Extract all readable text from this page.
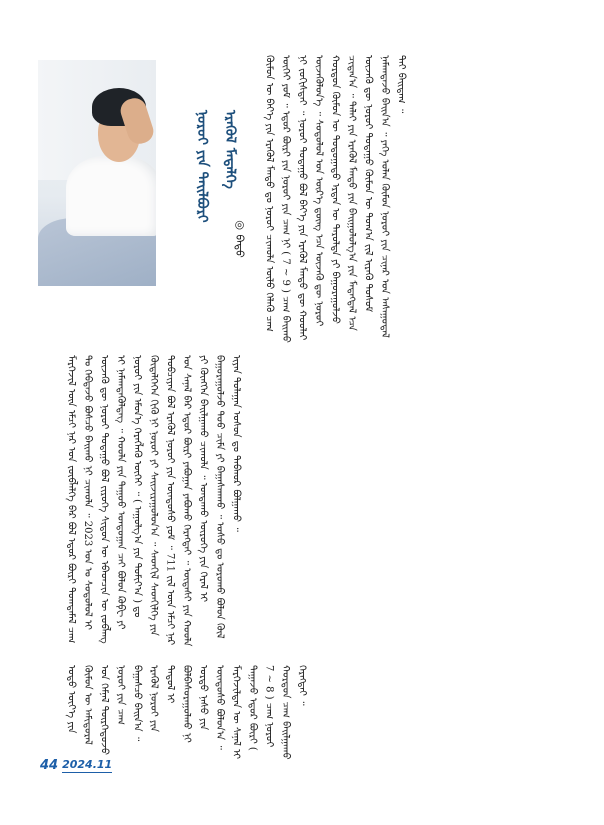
ᠨᠣᠷᠤᠢ ᠶᠢᠨ ᠲᠠᠢᠯᠪᠤᠷᠢ ᠡᠷᠡᠭᠦᠯ ᠮᠡᠳᠡᠯᠭᠡ	ᠬᠦᠮᠦᠨ ᠦ ᠪᠡᠶ᠎ᠡ ᠶᠢᠨ ᠡᠷᠡᠭᠦᠯ ᠮᠡᠨᠳᠦ ᠳᠤ ᠨᠣᠷᠤᠢ ᠴᠢᠬᠤᠯᠠ ᠦᠯᠦ ᠬᠡᠯᠡᠬᠦ ᠴᠠᠭ ᠦᠭᠡᠢ ᠶᠤᠮ ᠃ ᠡᠳᠦᠷ ᠪᠦᠷᠢ ᠶᠢᠨ ᠨᠣᠷᠤᠢ ᠶᠢᠨ ᠴᠠᠭ ᠨᠢ ( 7 ~ 9 ) ᠴᠠᠭ ᠪᠠᠢᠬᠤ ᠨᠢ ᠵᠣᠬᠢᠰᠲᠠᠢ ᠃ ᠨᠣᠷᠤᠢ ᠳᠤᠲᠠᠭᠤ ᠪᠣᠯ ᠪᠡᠶ᠎ᠡ ᠶᠢᠨ ᠡᠷᠡᠭᠦᠯ ᠮᠡᠨᠳᠦ ᠳᠦ ᠬᠣᠣᠯᠠᠢ ᠦᠵᠡᠭᠦᠯᠦᠨ᠎ᠡ ᠃ ᠰᠤᠳᠤᠯᠤᠯ ᠤᠨ ᠦᠷ᠎ᠡ ᠳ᠋ᠦᠩ ᠡᠴᠡ ᠦᠵᠡᠬᠦ ᠳᠦ ᠨᠣᠷᠤᠢ ᠬᠤᠷᠳᠤᠨ ᠬᠦᠮᠦᠨ ᠦ ᠳᠣᠲᠣᠭᠠᠳᠤ ᠡᠷᠲᠡᠨ ᠦ ᠳᠠᠷᠤᠯᠲᠠ ᠶᠢ ᠪᠠᠭᠤᠷᠠᠭᠤᠯᠵᠤ ᠴᠢᠳᠠᠨ᠎ᠠ ᠃ ᠳᠠᠯᠠᠢ ᠶᠢᠨ ᠡᠷᠡᠭᠦᠯ ᠮᠡᠨᠳᠦ ᠶᠢᠨ ᠪᠠᠢᠭᠤᠯᠤᠯᠭ᠎ᠠ ᠶᠢᠨ ᠮᠡᠳᠡᠭᠳᠡᠯ ᠡᠴᠡ ᠦᠵᠡᠬᠦ ᠳᠦ ᠨᠣᠷᠤᠢ ᠳᠤᠲᠠᠭᠤ ᠬᠦᠮᠦᠨ ᠦ ᠲᠣᠭ᠎ᠠ ᠵᠢᠯ ᠢᠷᠡᠬᠦ ᠲᠤᠰᠤᠮ ᠨᠡᠮᠡᠭ᠍ᠳᠡᠵᠦ ᠪᠠᠢᠨ᠎ᠠ ᠃ ᠶᠡᠬᠡ ᠣᠯᠠᠨ ᠬᠦᠮᠦᠨ ᠨᠣᠷᠤᠢ ᠶᠢᠨ ᠴᠢᠨᠠᠷ ᠤᠨ ᠠᠰᠠᠭᠤᠳᠠᠯ ᠲᠠᠢ ᠪᠠᠢᠳᠠᠭ ᠃
ᠮᠡᠷᠭᠡᠵᠢᠯ ᠦᠨ ᠡᠮᠴᠢ ᠨᠠᠷ ᠤᠨ ᠵᠥᠪᠯᠡᠯᠭᠡ ᠪᠡᠷ ᠪᠣᠯ ᠡᠳᠦᠷ ᠪᠦᠷᠢ ᠲᠣᠭᠲᠠᠮᠠᠯ ᠴᠠᠭ ᠲᠤ ᠬᠡᠪᠲᠡᠵᠦ ᠪᠣᠰᠴᠤ ᠪᠠᠢᠬᠤ ᠨᠢ ᠴᠢᠬᠤᠯᠠ ᠃ 2023 ᠣᠨ ᠤ ᠰᠤᠳᠤᠯᠤᠯ ᠢ ᠦᠵᠡᠬᠦ ᠳᠦ ᠨᠣᠷᠤᠢ ᠳᠤᠲᠠᠭᠤ ᠪᠣᠯ ᠵᠢᠷᠦᠬᠡ ᠰᠢᠳᠦᠨ ᠦ ᠡᠪᠡᠳᠴᠢᠨ ᠦ ᠵᠣᠪᠯᠠᠩ ᠢ ᠨᠡᠮᠡᠭ᠍ᠳᠡᠭᠦᠯᠳᠡᠭ ᠃ ᠬᠣᠣᠯᠠ ᠶᠢᠨ ᠳᠠᠭᠤᠤ ᠤᠨᠳᠤᠭᠠᠨ ᠴᠠᠢ ᠪᠣᠯᠤᠨ ᠺᠣᠹᠸ ᠶᠢ ᠨᠣᠷᠤᠢ ᠶᠢᠨ ᠡᠮᠦᠨ᠎ᠡ ᠬᠡᠷᠡᠭᠯᠡᠬᠦ ᠦᠭᠡᠢ ᠃ ( ᠠᠭᠤᠯᠭ᠎ᠠ ᠶᠢᠨ ᠲᠣᠮᠢᠶ᠎ᠠ ) ᠳᠤ ᠬᠥᠳᠡᠯᠭᠡᠭᠡᠨ ᠬᠢᠬᠦ ᠨᠢ ᠨᠣᠷᠤᠢ ᠶᠢ ᠰᠠᠢᠵᠢᠷᠠᠭᠤᠯᠤᠨ᠎ᠠ ᠃ ᠰᠡᠳᠬᠢᠯ ᠰᠡᠳᠬᠢᠯᠭᠡ ᠶᠢᠨ ᠲᠣᠪᠴᠢᠶᠠᠨ ᠪᠣᠯ ᠡᠷᠡᠭᠦᠯ ᠨᠣᠷᠤᠢ ᠶᠢᠨ ᠦᠨᠳᠦᠰᠦ ᠶᠤᠮ ᠃ 711 ᠵᠢᠯ ᠦᠨ ᠡᠮᠴᠢ ᠨᠠᠷ ᠤᠨ ᠰᠠᠨᠠᠯ ᠪᠡᠷ ᠡᠳᠦᠷ ᠪᠦᠷᠢ ᠶᠠᠪᠤᠭᠠᠨ ᠶᠠᠪᠤᠬᠤ ᠬᠡᠷᠡᠭᠲᠡᠢ ᠃ ᠦᠳᠡᠰᠢ ᠶᠢᠨ ᠬᠣᠣᠯᠠ ᠶᠢ ᠬᠥᠩᠭᠡᠨ ᠪᠠᠢᠯᠭᠠᠬᠤ ᠴᠢᠬᠤᠯᠠ ᠃ ᠤᠨᠲᠠᠬᠤ ᠥᠷᠦᠭᠡ ᠶᠢᠨ ᠭᠡᠷᠡᠯ ᠢ ᠪᠠᠭᠤᠷᠠᠭᠤᠯᠵᠤ ᠳᠤᠤ ᠴᠢᠮᠡ ᠶᠢ ᠪᠠᠭᠠᠰᠬᠠᠬᠤ ᠃ ᠤᠰᠤ ᠳᠤ ᠣᠷᠣᠬᠤ ᠪᠣᠯᠤᠨ ᠬᠥᠯ ᠢᠶᠡᠨ ᠳᠤᠯᠠᠭᠠᠨ ᠤᠰᠤᠨ ᠳᠤ ᠳᠠᠪᠬᠤᠷ ᠪᠣᠯᠭᠠᠬᠤ ᠃
ᠣᠳᠣ ᠦᠶ᠎ᠡ ᠶᠢᠨ ᠬᠦᠮᠦᠨ ᠦ ᠠᠮᠢᠳᠤᠷᠠᠯ ᠤᠨ ᠬᠡᠮᠨᠡᠯ ᠲᠦᠷᠭᠡᠳᠦᠵᠦ ᠨᠣᠷᠤᠢ ᠶᠢᠨ ᠴᠠᠭ ᠪᠠᠭᠠᠰᠴᠤ ᠪᠠᠢᠨ᠎ᠠ ᠃ ᠡᠷᠡᠭᠦᠯ ᠨᠣᠷᠤᠢ ᠶᠢᠨ ᠳᠠᠳᠤᠯ ᠢ ᠪᠣᠯᠪᠠᠰᠤᠷᠠᠭᠤᠯᠬᠤ ᠨᠢ ᠤᠷᠲᠤ ᠨᠠᠰᠤ ᠶᠢᠨ ᠦᠨᠳᠦᠰᠦ ᠪᠣᠯᠤᠨ᠎ᠠ ᠃ ᠮᠡᠷᠭᠡᠵᠢᠯᠲᠡᠨ ᠦ ᠰᠠᠨᠠᠯ ᠢ ᠳᠠᠭᠠᠵᠤ ᠡᠳᠦᠷ ᠪᠦᠷᠢ ( 7 ~ 8 ) ᠴᠠᠭ ᠨᠣᠷᠤᠢ ᠬᠤᠷᠳᠤᠨ ᠴᠠᠭ ᠪᠠᠢᠯᠭᠠᠬᠤ ᠬᠡᠷᠡᠭᠲᠡᠢ ᠃
◎ ᠪᠠᠲᠤ
44 2024.11
